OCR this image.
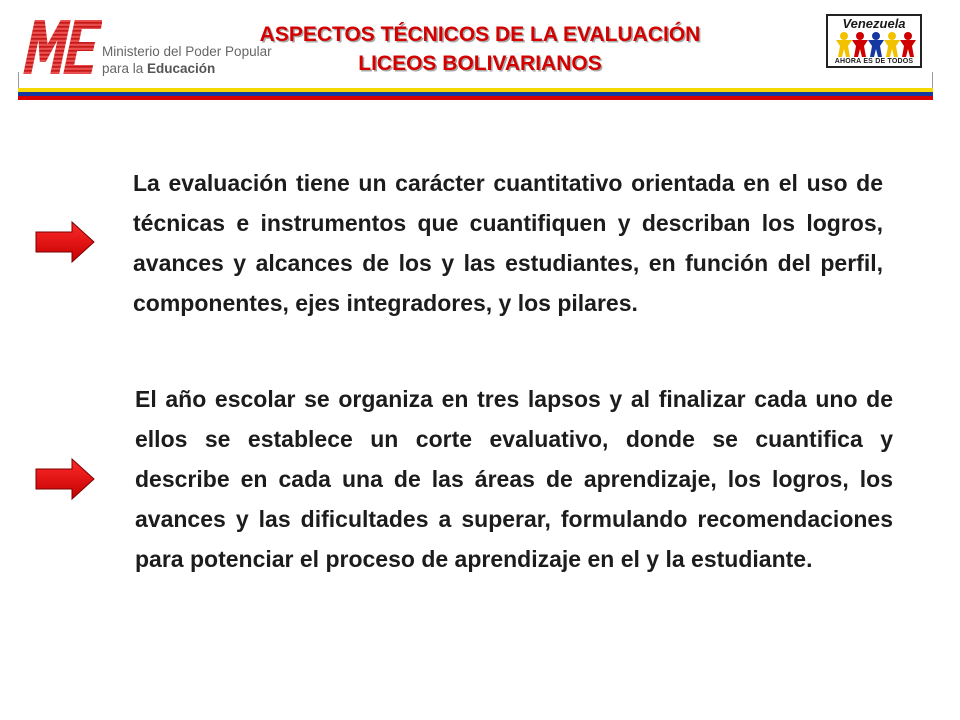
Ministerio del Poder Popular
para la Educación
ASPECTOS TÉCNICOS DE LA EVALUACIÓN
LICEOS BOLIVARIANOS
Venezuela
AHORA ES DE TODOS
La evaluación tiene un carácter cuantitativo orientada en el uso de técnicas e instrumentos que cuantifiquen y describan los logros, avances y alcances de los y las estudiantes, en función del perfil, componentes, ejes integradores, y los pilares.
El año escolar se organiza en tres lapsos y al finalizar cada uno de ellos se establece un corte evaluativo, donde se cuantifica y describe en cada una de las áreas de aprendizaje, los logros, los avances y las dificultades a superar, formulando recomendaciones para potenciar el proceso de aprendizaje en el y la estudiante.
